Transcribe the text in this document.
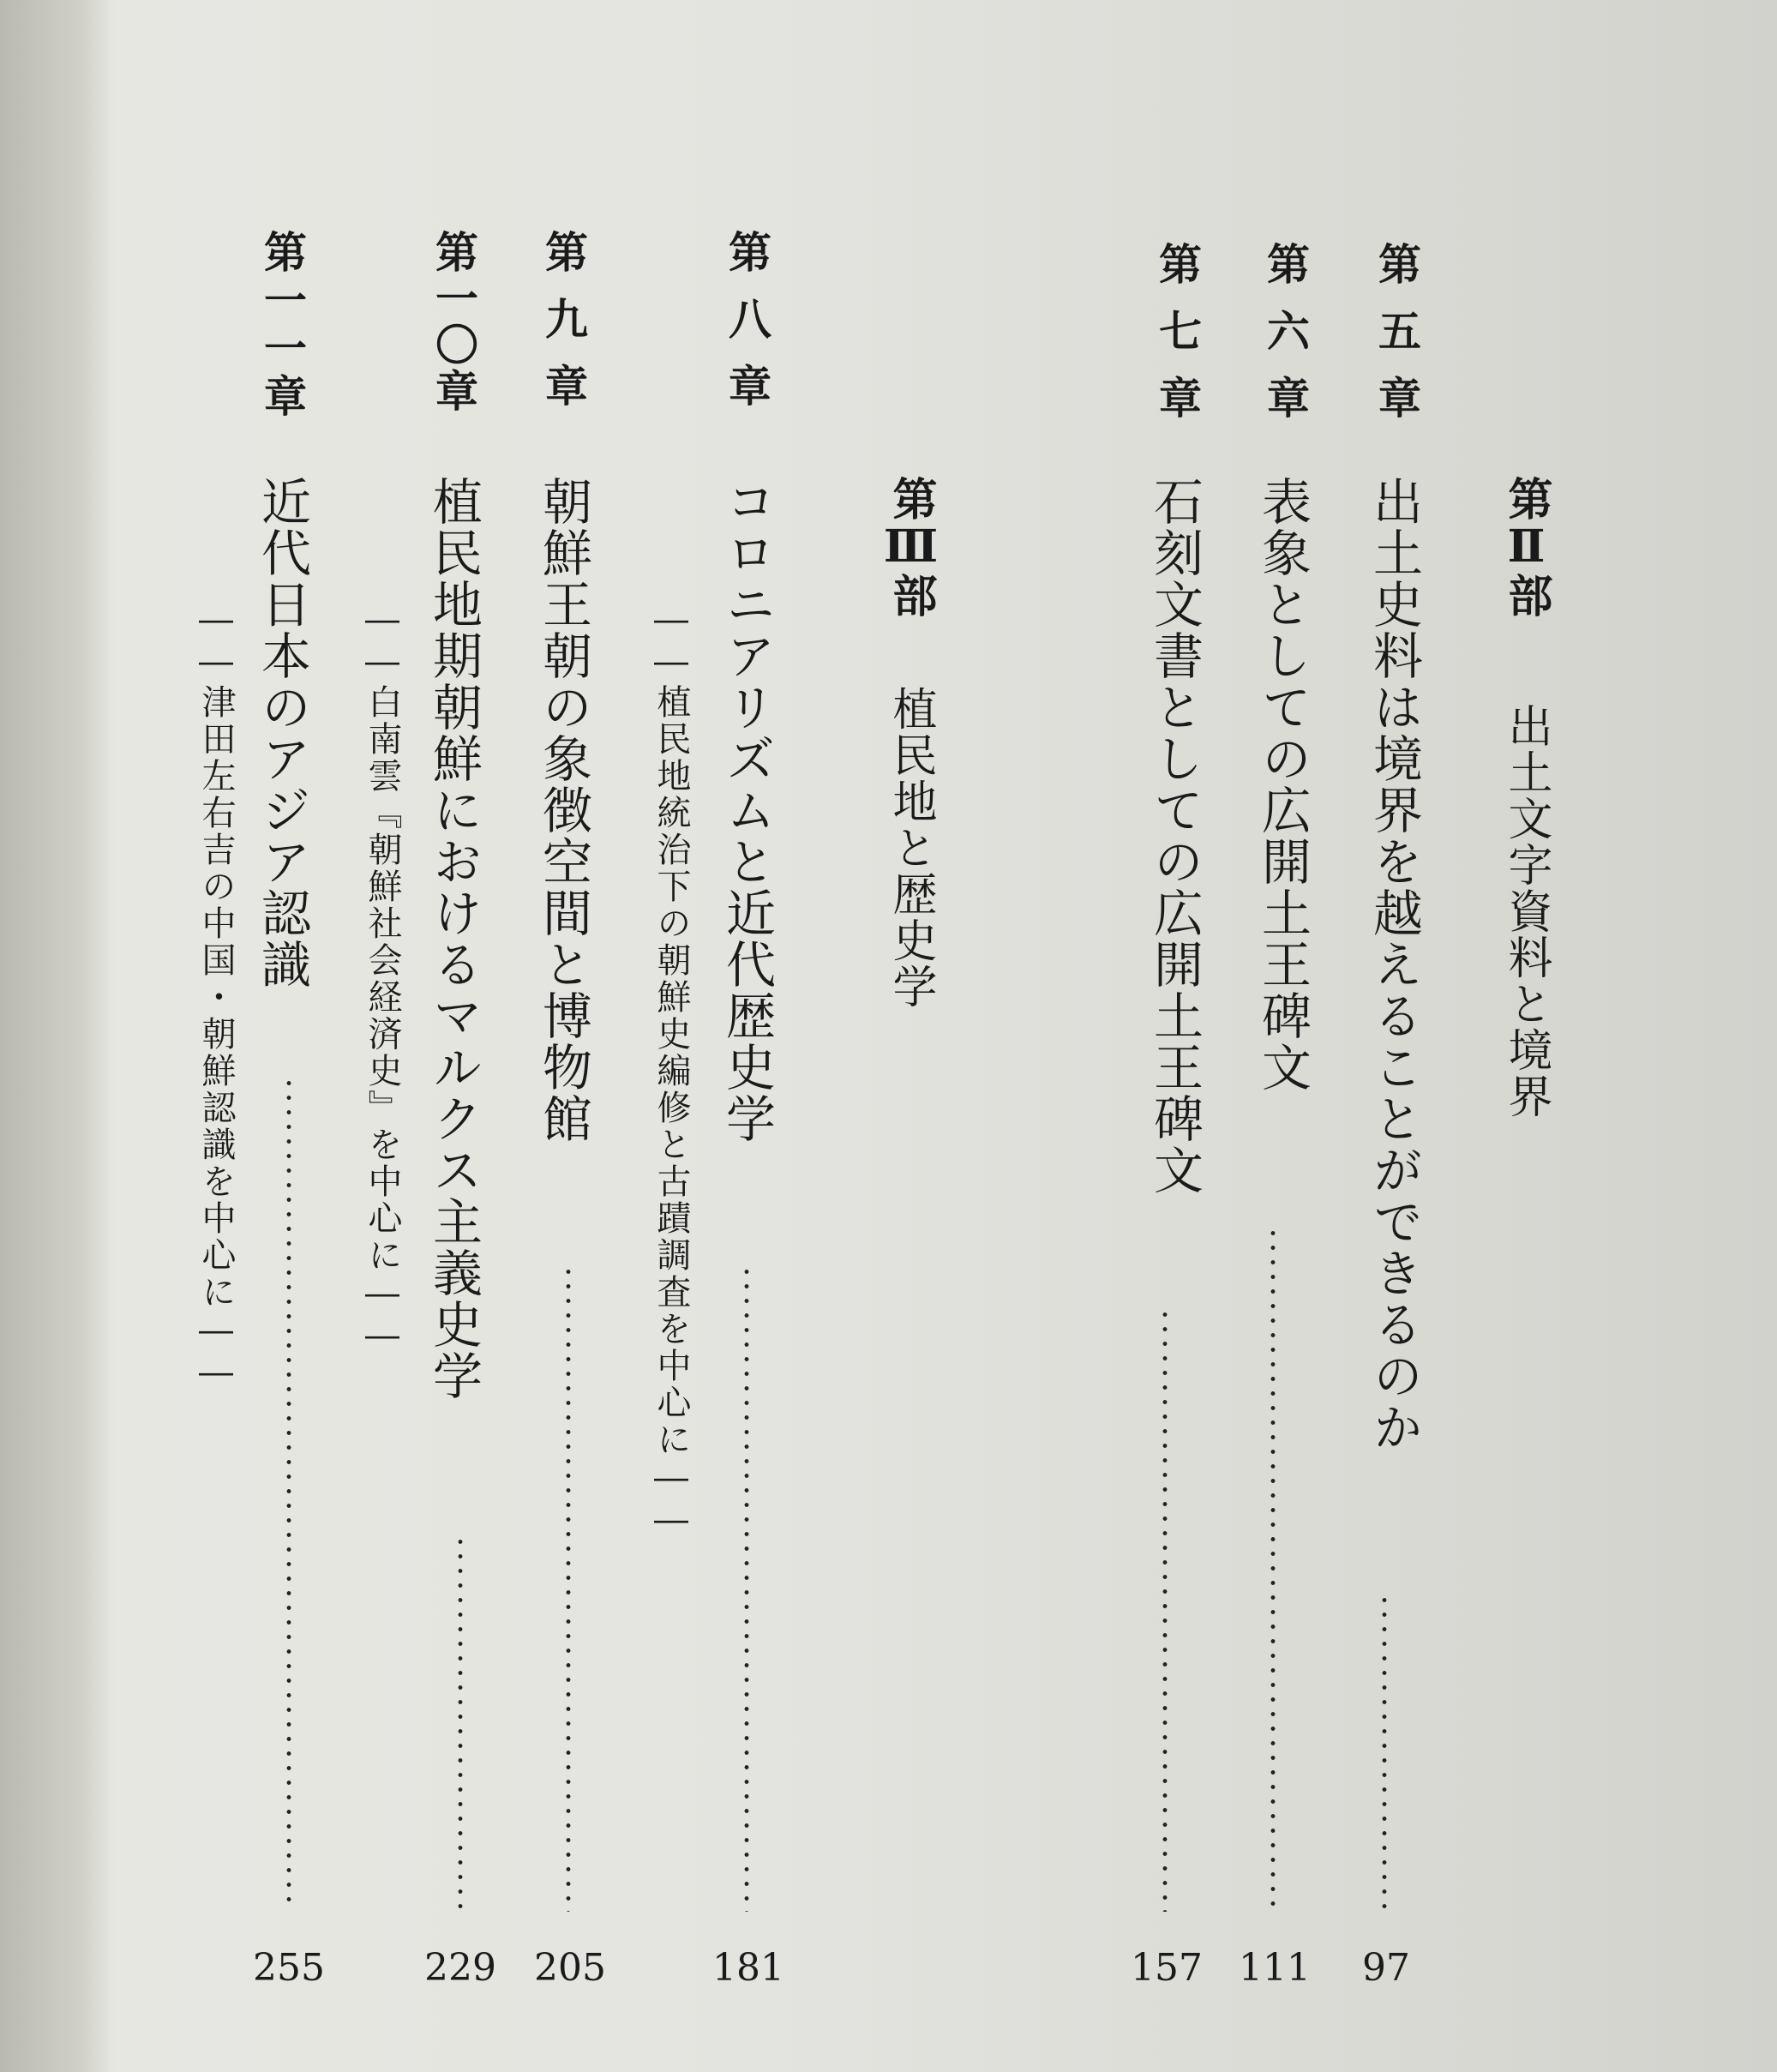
第Ⅱ部
出土文字資料と境界
第五章
出土史料は境界を越えることができるのか
97
第六章
表象としての広開土王碑文
111
第七章
石刻文書としての広開土王碑文
157
第Ⅲ部
植民地と歴史学
第八章
コロニアリズムと近代歴史学
――植民地統治下の朝鮮史編修と古蹟調査を中心に――
181
第九章
朝鮮王朝の象徴空間と博物館
205
第一〇章
植民地期朝鮮におけるマルクス主義史学
――白南雲『朝鮮社会経済史』を中心に――
229
第一一章
近代日本のアジア認識
――津田左右吉の中国・朝鮮認識を中心に――
255
